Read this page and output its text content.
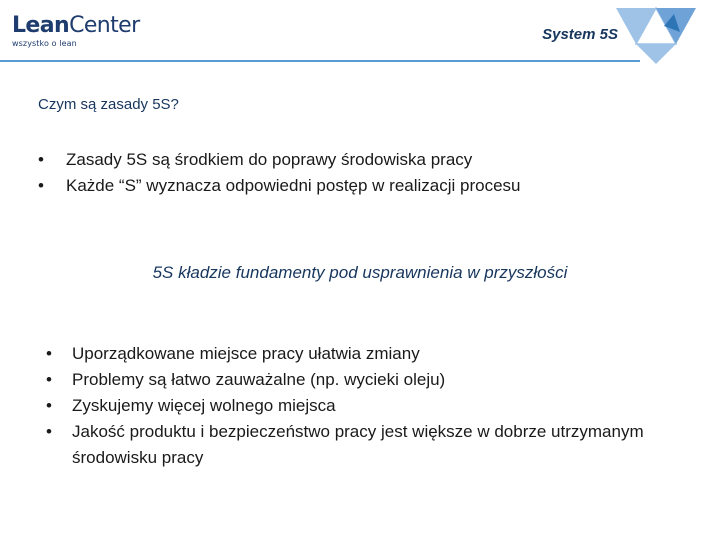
LeanCenter
wszystko o lean
System 5S
Czym są zasady 5S?
• Zasady 5S są środkiem do poprawy środowiska pracy
• Każde “S” wyznacza odpowiedni postęp w realizacji procesu
5S kładzie fundamenty pod usprawnienia w przyszłości
• Uporządkowane miejsce pracy ułatwia zmiany
• Problemy są łatwo zauważalne (np. wycieki oleju)
• Zyskujemy więcej wolnego miejsca
• Jakość produktu i bezpieczeństwo pracy jest większe w dobrze utrzymanym środowisku pracy
